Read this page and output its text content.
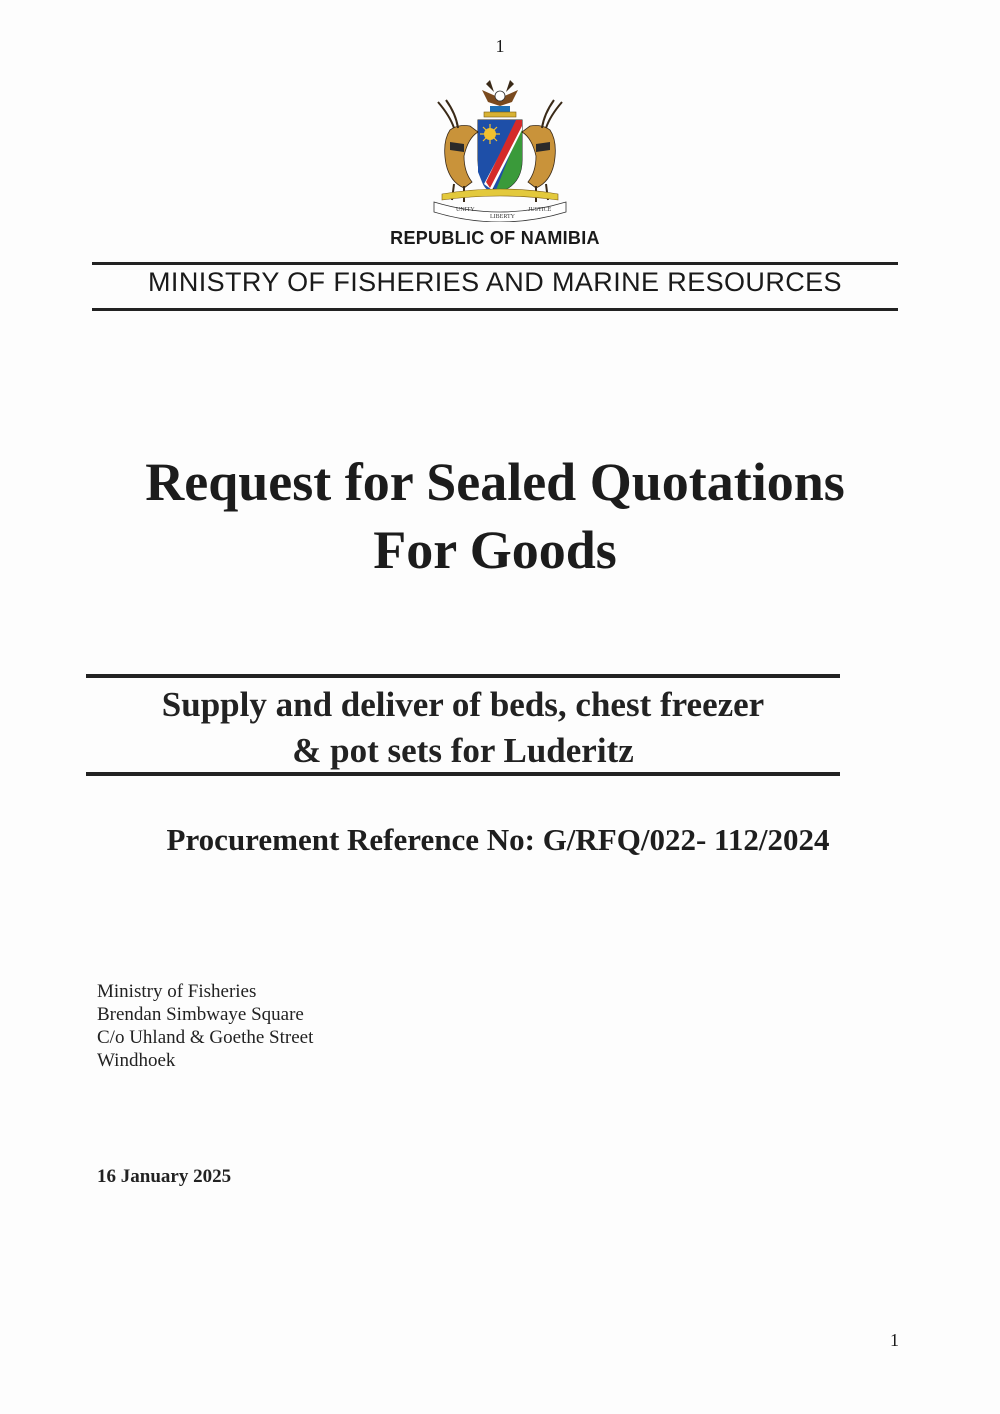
1
UNITY
LIBERTY
JUSTICE
REPUBLIC OF NAMIBIA
MINISTRY OF FISHERIES AND MARINE RESOURCES
Request for Sealed Quotations
For Goods
Supply and deliver of beds, chest freezer
& pot sets for Luderitz
Procurement Reference No: G/RFQ/022- 112/2024
Ministry of Fisheries
Brendan Simbwaye Square
C/o Uhland & Goethe Street
Windhoek
16 January 2025
1
